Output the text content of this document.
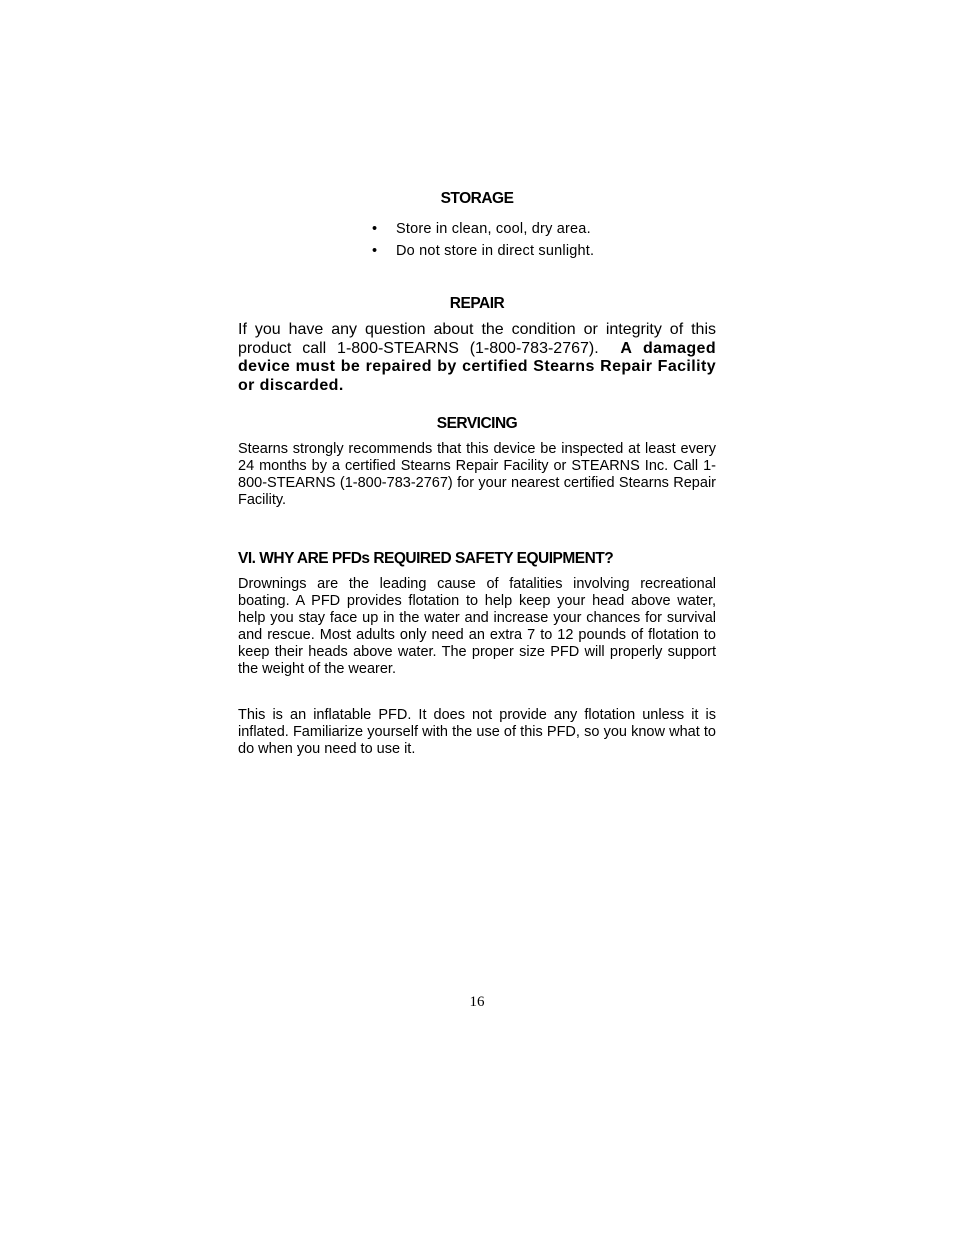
STORAGE
• Store in clean, cool, dry area.
• Do not store in direct sunlight.
REPAIR

If you have any question about the condition or integrity of this product call 1-800-STEARNS (1-800-783-2767). A damaged device must be repaired by certified Stearns Repair Facility or discarded.

SERVICING

Stearns strongly recommends that this device be inspected at least every 24 months by a certified Stearns Repair Facility or STEARNS Inc. Call 1-800-STEARNS (1-800-783-2767) for your nearest certified Stearns Repair Facility.

VI. WHY ARE PFDs REQUIRED SAFETY EQUIPMENT?

Drownings are the leading cause of fatalities involving recreational boating. A PFD provides flotation to help keep your head above water, help you stay face up in the water and increase your chances for survival and rescue. Most adults only need an extra 7 to 12 pounds of flotation to keep their heads above water. The proper size PFD will properly support the weight of the wearer.

This is an inflatable PFD. It does not provide any flotation unless it is inflated. Familiarize yourself with the use of this PFD, so you know what to do when you need to use it.

16
